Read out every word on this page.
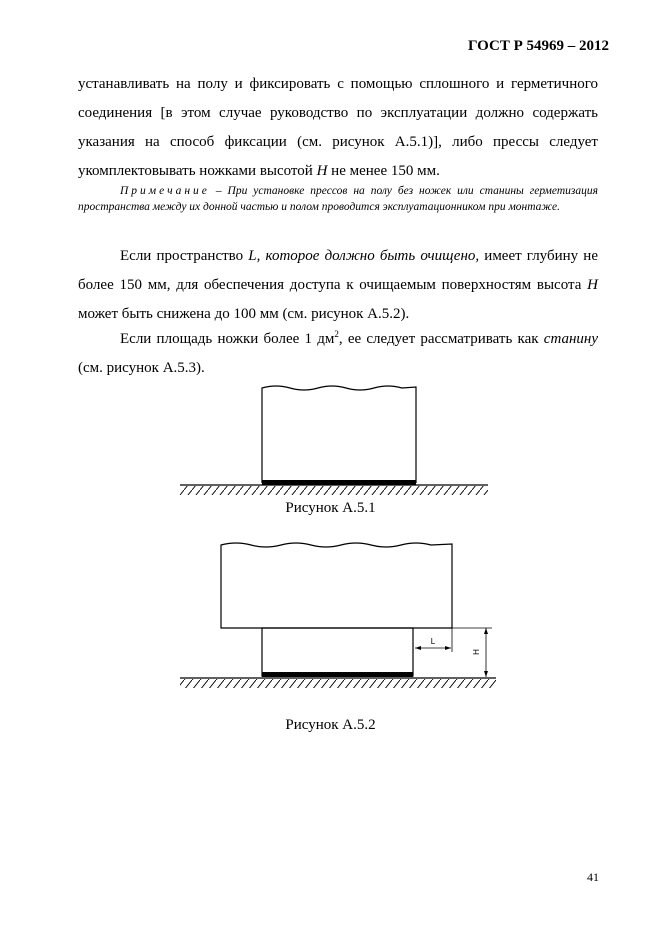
ГОСТ Р 54969 – 2012
устанавливать на полу и фиксировать с помощью сплошного и герметичного соединения [в этом случае руководство по эксплуатации должно содержать указания на способ фиксации (см. рисунок А.5.1)], либо прессы следует укомплектовывать ножками высотой H не менее 150 мм.
Примечание – При установке прессов на полу без ножек или станины герметизация пространства между их донной частью и полом проводится эксплуатационником при монтаже.
Если пространство L, которое должно быть очищено, имеет глубину не более 150 мм, для обеспечения доступа к очищаемым поверхностям высота H может быть снижена до 100 мм (см. рисунок А.5.2).
Если площадь ножки более 1 $дм^2$, ее следует рассматривать как станину (см. рисунок А.5.3).
L
H
Рисунок А.5.1
Рисунок А.5.2
41
